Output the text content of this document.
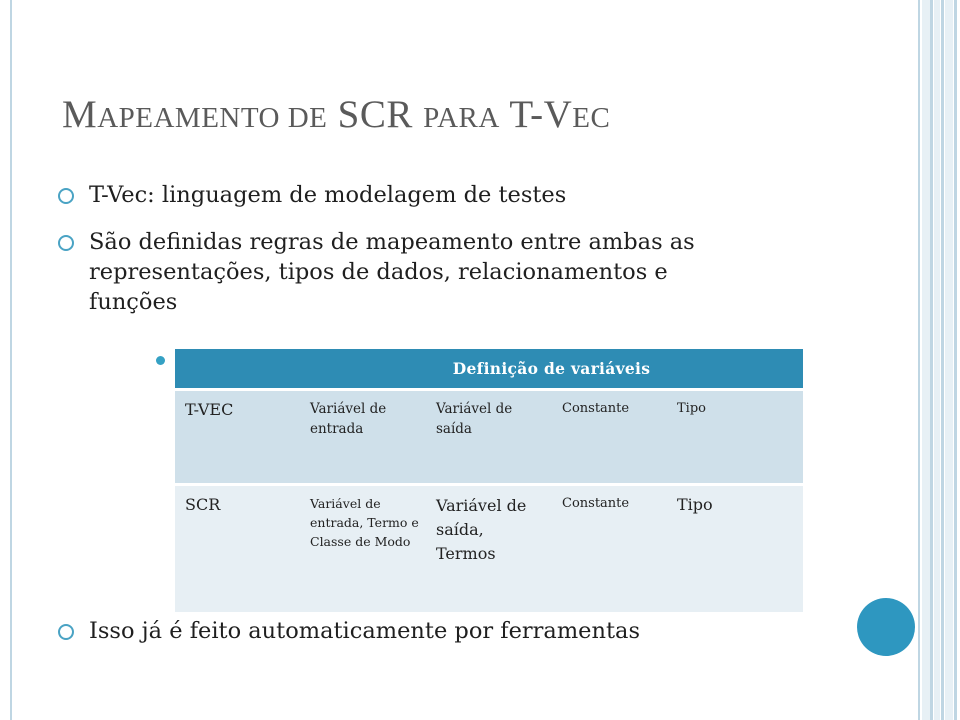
MAPEAMENTO DE SCR PARA T-VEC
T-Vec: linguagem de modelagem de testes
São definidas regras de mapeamento entre ambas as representações, tipos de dados, relacionamentos e funções
	Definição de variáveis			
T-VEC	Variável de entrada	Variável de saída	Constante	Tipo
SCR	Variável de entrada, Termo e Classe de Modo	Variável de saída, Termos	Constante	Tipo
Isso já é feito automaticamente por ferramentas
